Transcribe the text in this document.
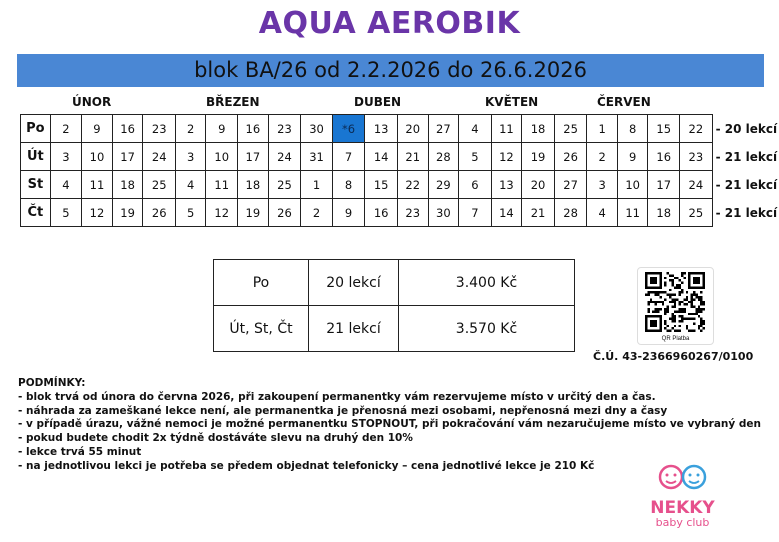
AQUA AEROBIK
blok BA/26 od 2.2.2026 do 26.6.2026
ÚNOR	BŘEZEN	DUBEN	KVĚTEN	ČERVEN
Po	2	9	16	23	2	9	16	23	30	*6	13	20	27	4	11	18	25	1	8	15	22	- 20 lekcí
Út	3	10	17	24	3	10	17	24	31	7	14	21	28	5	12	19	26	2	9	16	23	- 21 lekcí
St	4	11	18	25	4	11	18	25	1	8	15	22	29	6	13	20	27	3	10	17	24	- 21 lekcí
Čt	5	12	19	26	5	12	19	26	2	9	16	23	30	7	14	21	28	4	11	18	25	- 21 lekcí
Po	20 lekcí	3.400 Kč
Út, St, Čt	21 lekcí	3.570 Kč
QR Platba
Č.Ú. 43-2366960267/0100
PODMÍNKY:
- blok trvá od února do června 2026, při zakoupení permanentky vám rezervujeme místo v určitý den a čas.
- náhrada za zameškané lekce není, ale permanentka je přenosná mezi osobami, nepřenosná mezi dny a časy
- v případě úrazu, vážné nemoci je možné permanentku STOPNOUT, při pokračování vám nezaručujeme místo ve vybraný den
- pokud budete chodit 2x týdně dostáváte slevu na druhý den 10%
- lekce trvá 55 minut
- na jednotlivou lekci je potřeba se předem objednat telefonicky – cena jednotlivé lekce je 210 Kč
NEKKY
baby club
